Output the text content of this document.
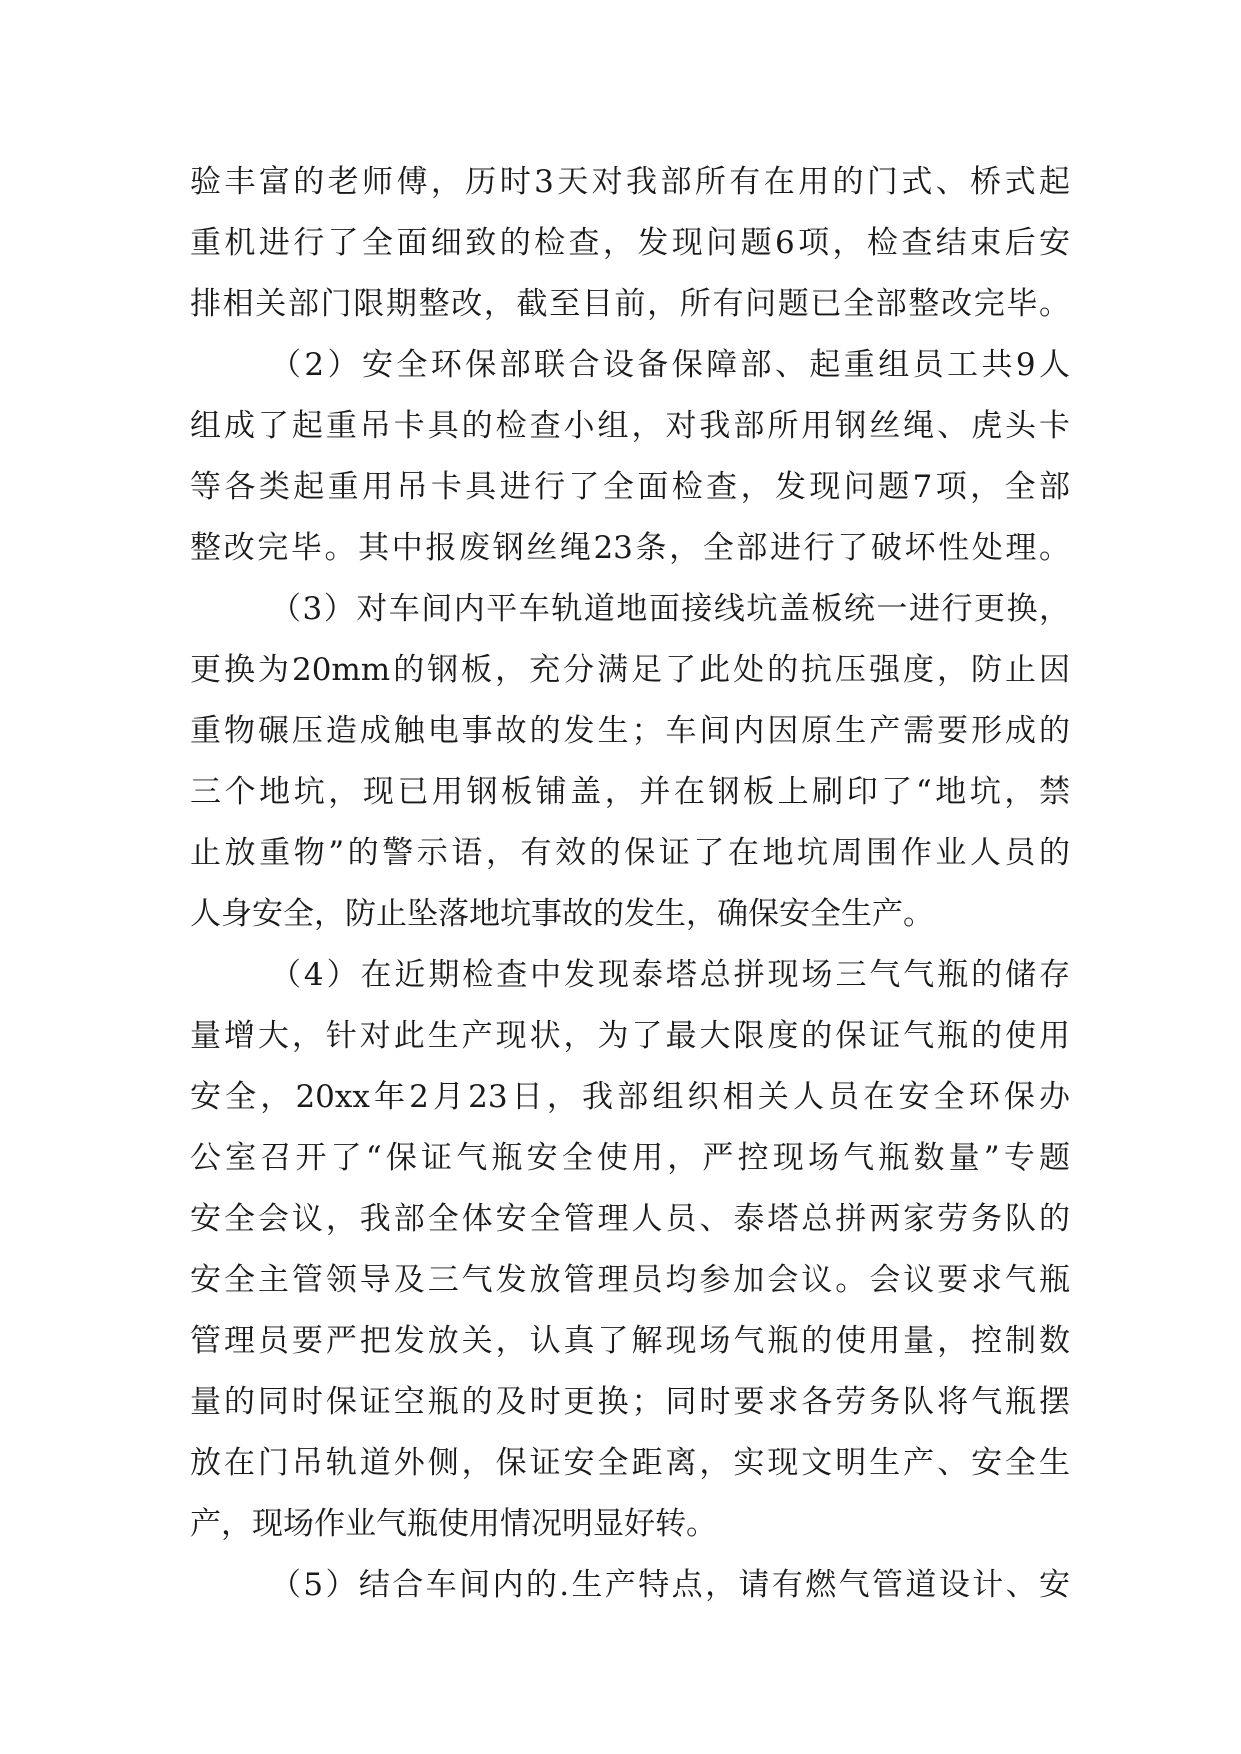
验丰富的老师傅，历时3天对我部所有在用的门式、桥式起
重机进行了全面细致的检查，发现问题6项，检查结束后安
排相关部门限期整改，截至目前，所有问题已全部整改完毕。
（2）安全环保部联合设备保障部、起重组员工共9人
组成了起重吊卡具的检查小组，对我部所用钢丝绳、虎头卡
等各类起重用吊卡具进行了全面检查，发现问题7项，全部
整改完毕。其中报废钢丝绳23条，全部进行了破坏性处理。
（3）对车间内平车轨道地面接线坑盖板统一进行更换，
更换为20mm的钢板，充分满足了此处的抗压强度，防止因
重物碾压造成触电事故的发生；车间内因原生产需要形成的
三个地坑，现已用钢板铺盖，并在钢板上刷印了“地坑，禁
止放重物”的警示语，有效的保证了在地坑周围作业人员的
人身安全，防止坠落地坑事故的发生，确保安全生产。
（4）在近期检查中发现泰塔总拼现场三气气瓶的储存
量增大，针对此生产现状，为了最大限度的保证气瓶的使用
安全，20xx年2月23日，我部组织相关人员在安全环保办
公室召开了“保证气瓶安全使用，严控现场气瓶数量”专题
安全会议，我部全体安全管理人员、泰塔总拼两家劳务队的
安全主管领导及三气发放管理员均参加会议。会议要求气瓶
管理员要严把发放关，认真了解现场气瓶的使用量，控制数
量的同时保证空瓶的及时更换；同时要求各劳务队将气瓶摆
放在门吊轨道外侧，保证安全距离，实现文明生产、安全生
产，现场作业气瓶使用情况明显好转。
（5）结合车间内的.生产特点，请有燃气管道设计、安
